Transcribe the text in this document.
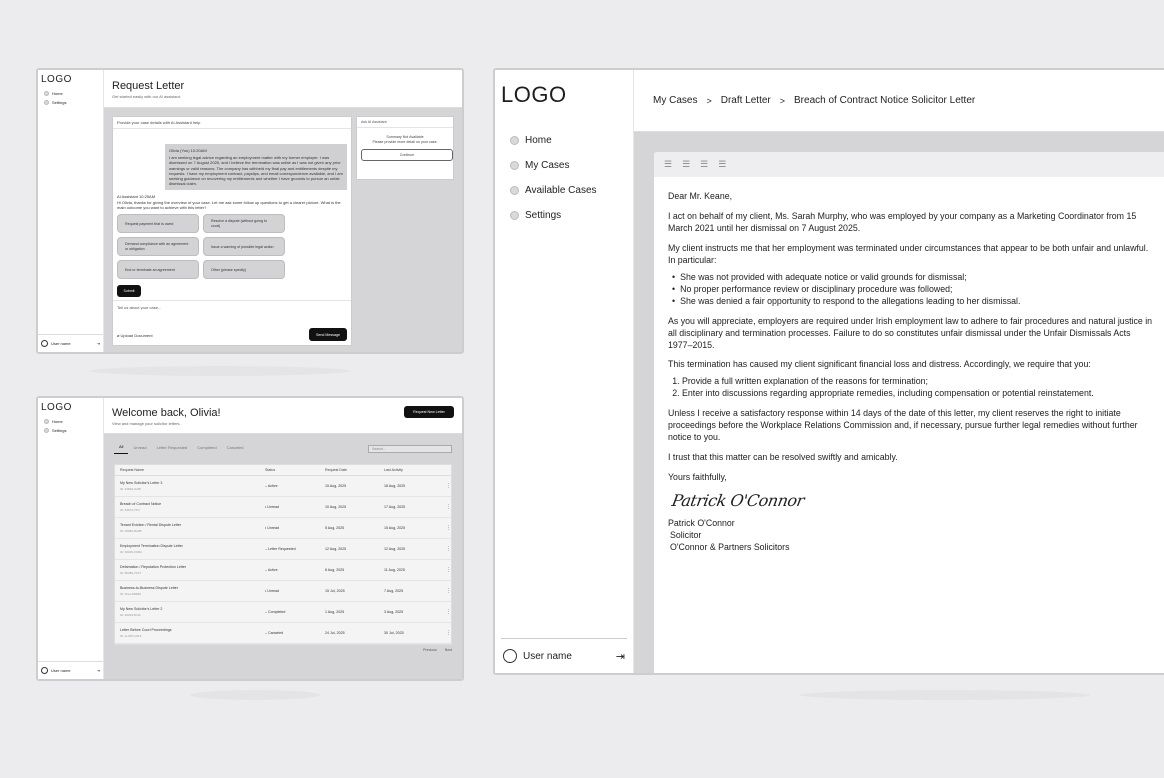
LOGO
Home
Settings
User name	⇥
Request Letter
Get started easily with our AI assistant.
Provide your case details with AI Assistant help
Olivia (You) 10:20AM
I am seeking legal advice regarding an employment matter with my former employer. I was dismissed on 7 August 2025, and I believe the termination was unfair as I was not given any prior warnings or valid reasons. The company has withheld my final pay and entitlements despite my requests. I have my employment contract, payslips, and email correspondence available, and I am seeking guidance on recovering my entitlements and whether I have grounds to pursue an unfair dismissal claim.
AI Assistant 10:25AM
Hi Olivia, thanks for giving the overview of your case. Let me ask some follow up questions to get a clearer picture. What is the main outcome you want to achieve with this letter?
Request payment that is owed
Resolve a dispute (without going to court)
Demand compliance with an agreement or obligation
Issue a warning of possible legal action
End or terminate an agreement	Other (please specify)
Submit
Tell us about your case...
⌀ Upload Document	Send Message
Ask AI Assistant
Summary Not Available
Please provide more detail on your case.
Continue
LOGO
Home
Settings
User name	⇥
Welcome back, Olivia!
View and manage your solicitor letters.
Request New Letter
All	Unread	Letter Requested	Completed	Canceled	Search...
Request Name	Status	Request Date	Last Activity
My New Solicitor's Letter 3
ID: 42829-2L88
– Active	15 Aug, 2025	18 Aug, 2025	⋮
Breach of Contract Notice
ID: 42672-7PU
• Unread	10 Aug, 2025	17 Aug, 2025	⋮
Tenant Eviction / Rental Dispute Letter
ID: 20080-8H2B
• Unread	5 Aug, 2025	15 Aug, 2025	⋮
Employment Termination Dispute Letter
ID: 30029-VK8H
– Letter Requested	12 Aug, 2025	12 Aug, 2025	⋮
Defamation / Reputation Protection Letter
ID: 80489-7K3T
– Active	6 Aug, 2025	11 Aug, 2025	⋮
Business-to-Business Dispute Letter
ID: 4GH-D8Z8A
• Unread	15 Jul, 2025	7 Aug, 2025	⋮
My New Solicitor's Letter 2
ID: 20293-8C2L
– Completed	1 Aug, 2025	3 Aug, 2025	⋮
Letter Before Court Proceedings
ID: 1L3P0-V0L3
– Canceled	24 Jul, 2025	30 Jul, 2025	⋮
Previous Next
LOGO
Home
My Cases
Available Cases
Settings
User name	⇥
My Cases > Draft Letter > Breach of Contract Notice Solicitor Letter
☰ ☰ ☰ ☰

Dear Mr. Keane,

I act on behalf of my client, Ms. Sarah Murphy, who was employed by your company as a Marketing Coordinator from 15 March 2021 until her dismissal on 7 August 2025.

My client instructs me that her employment was terminated under circumstances that appear to be both unfair and unlawful. In particular:

• She was not provided with adequate notice or valid grounds for dismissal;
• No proper performance review or disciplinary procedure was followed;
• She was denied a fair opportunity to respond to the allegations leading to her dismissal.

As you will appreciate, employers are required under Irish employment law to adhere to fair procedures and natural justice in all disciplinary and termination processes. Failure to do so constitutes unfair dismissal under the Unfair Dismissals Acts 1977–2015.

This termination has caused my client significant financial loss and distress. Accordingly, we require that you:

1. Provide a full written explanation of the reasons for termination;
2. Enter into discussions regarding appropriate remedies, including compensation or potential reinstatement.

Unless I receive a satisfactory response within 14 days of the date of this letter, my client reserves the right to initiate proceedings before the Workplace Relations Commission and, if necessary, pursue further legal remedies without further notice to you.

I trust that this matter can be resolved swiftly and amicably.

Yours faithfully,

Patrick O'Connor
Patrick O'Connor
Solicitor
O'Connor & Partners Solicitors
